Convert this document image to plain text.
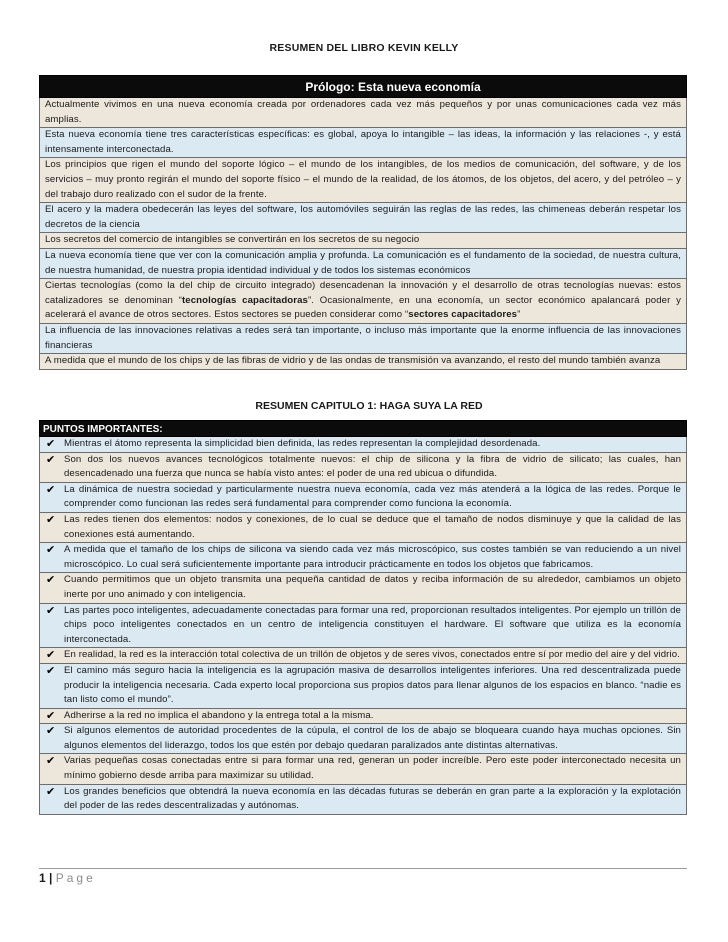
RESUMEN DEL LIBRO KEVIN KELLY
Prólogo: Esta nueva economía
Actualmente vivimos en una nueva economía creada por ordenadores cada vez más pequeños y por unas comunicaciones cada vez más amplias.
Esta nueva economía tiene tres características específicas: es global, apoya lo intangible – las ideas, la información y las relaciones -, y está intensamente interconectada.
Los principios que rigen el mundo del soporte lógico – el mundo de los intangibles, de los medios de comunicación, del software, y de los servicios – muy pronto regirán el mundo del soporte físico – el mundo de la realidad, de los átomos, de los objetos, del acero, y del petróleo – y del trabajo duro realizado con el sudor de la frente.
El acero y la madera obedecerán las leyes del software, los automóviles seguirán las reglas de las redes, las chimeneas deberán respetar los decretos de la ciencia
Los secretos del comercio de intangibles se convertirán en los secretos de su negocio
La nueva economía tiene que ver con la comunicación amplia y profunda. La comunicación es el fundamento de la sociedad, de nuestra cultura, de nuestra humanidad, de nuestra propia identidad individual y de todos los sistemas económicos
Ciertas tecnologías (como la del chip de circuito integrado) desencadenan la innovación y el desarrollo de otras tecnologías nuevas: estos catalizadores se denominan “tecnologías capacitadoras”. Ocasionalmente, en una economía, un sector económico apalancará poder y acelerará el avance de otros sectores. Estos sectores se pueden considerar como “sectores capacitadores”
La influencia de las innovaciones relativas a redes será tan importante, o incluso más importante que la enorme influencia de las innovaciones financieras
A medida que el mundo de los chips y de las fibras de vidrio y de las ondas de transmisión va avanzando, el resto del mundo también avanza
RESUMEN CAPITULO 1: HAGA SUYA LA RED
PUNTOS IMPORTANTES:
✔ Mientras el átomo representa la simplicidad bien definida, las redes representan la complejidad desordenada.
✔ Son dos los nuevos avances tecnológicos totalmente nuevos: el chip de silicona y la fibra de vidrio de silicato; las cuales, han desencadenado una fuerza que nunca se había visto antes: el poder de una red ubicua o difundida.
✔ La dinámica de nuestra sociedad y particularmente nuestra nueva economía, cada vez más atenderá a la lógica de las redes. Porque le comprender como funcionan las redes será fundamental para comprender como funciona la economía.
✔ Las redes tienen dos elementos: nodos y conexiones, de lo cual se deduce que el tamaño de nodos disminuye y que la calidad de las conexiones está aumentando.
✔ A medida que el tamaño de los chips de silicona va siendo cada vez más microscópico, sus costes también se van reduciendo a un nivel microscópico. Lo cual será suficientemente importante para introducir prácticamente en todos los objetos que fabricamos.
✔ Cuando permitimos que un objeto transmita una pequeña cantidad de datos y reciba información de su alrededor, cambiamos un objeto inerte por uno animado y con inteligencia.
✔ Las partes poco inteligentes, adecuadamente conectadas para formar una red, proporcionan resultados inteligentes. Por ejemplo un trillón de chips poco inteligentes conectados en un centro de inteligencia constituyen el hardware. El software que utiliza es la economía interconectada.
✔ En realidad, la red es la interacción total colectiva de un trillón de objetos y de seres vivos, conectados entre sí por medio del aire y del vidrio.
✔ El camino más seguro hacia la inteligencia es la agrupación masiva de desarrollos inteligentes inferiores. Una red descentralizada puede producir la inteligencia necesaria. Cada experto local proporciona sus propios datos para llenar algunos de los espacios en blanco. “nadie es tan listo como el mundo”.
✔ Adherirse a la red no implica el abandono y la entrega total a la misma.
✔ Si algunos elementos de autoridad procedentes de la cúpula, el control de los de abajo se bloqueara cuando haya muchas opciones. Sin algunos elementos del liderazgo, todos los que estén por debajo quedaran paralizados ante distintas alternativas.
✔ Varias pequeñas cosas conectadas entre si para formar una red, generan un poder increíble. Pero este poder interconectado necesita un mínimo gobierno desde arriba para maximizar su utilidad.
✔ Los grandes beneficios que obtendrá la nueva economía en las décadas futuras se deberán en gran parte a la exploración y la explotación del poder de las redes descentralizadas y autónomas.
1 | Page
